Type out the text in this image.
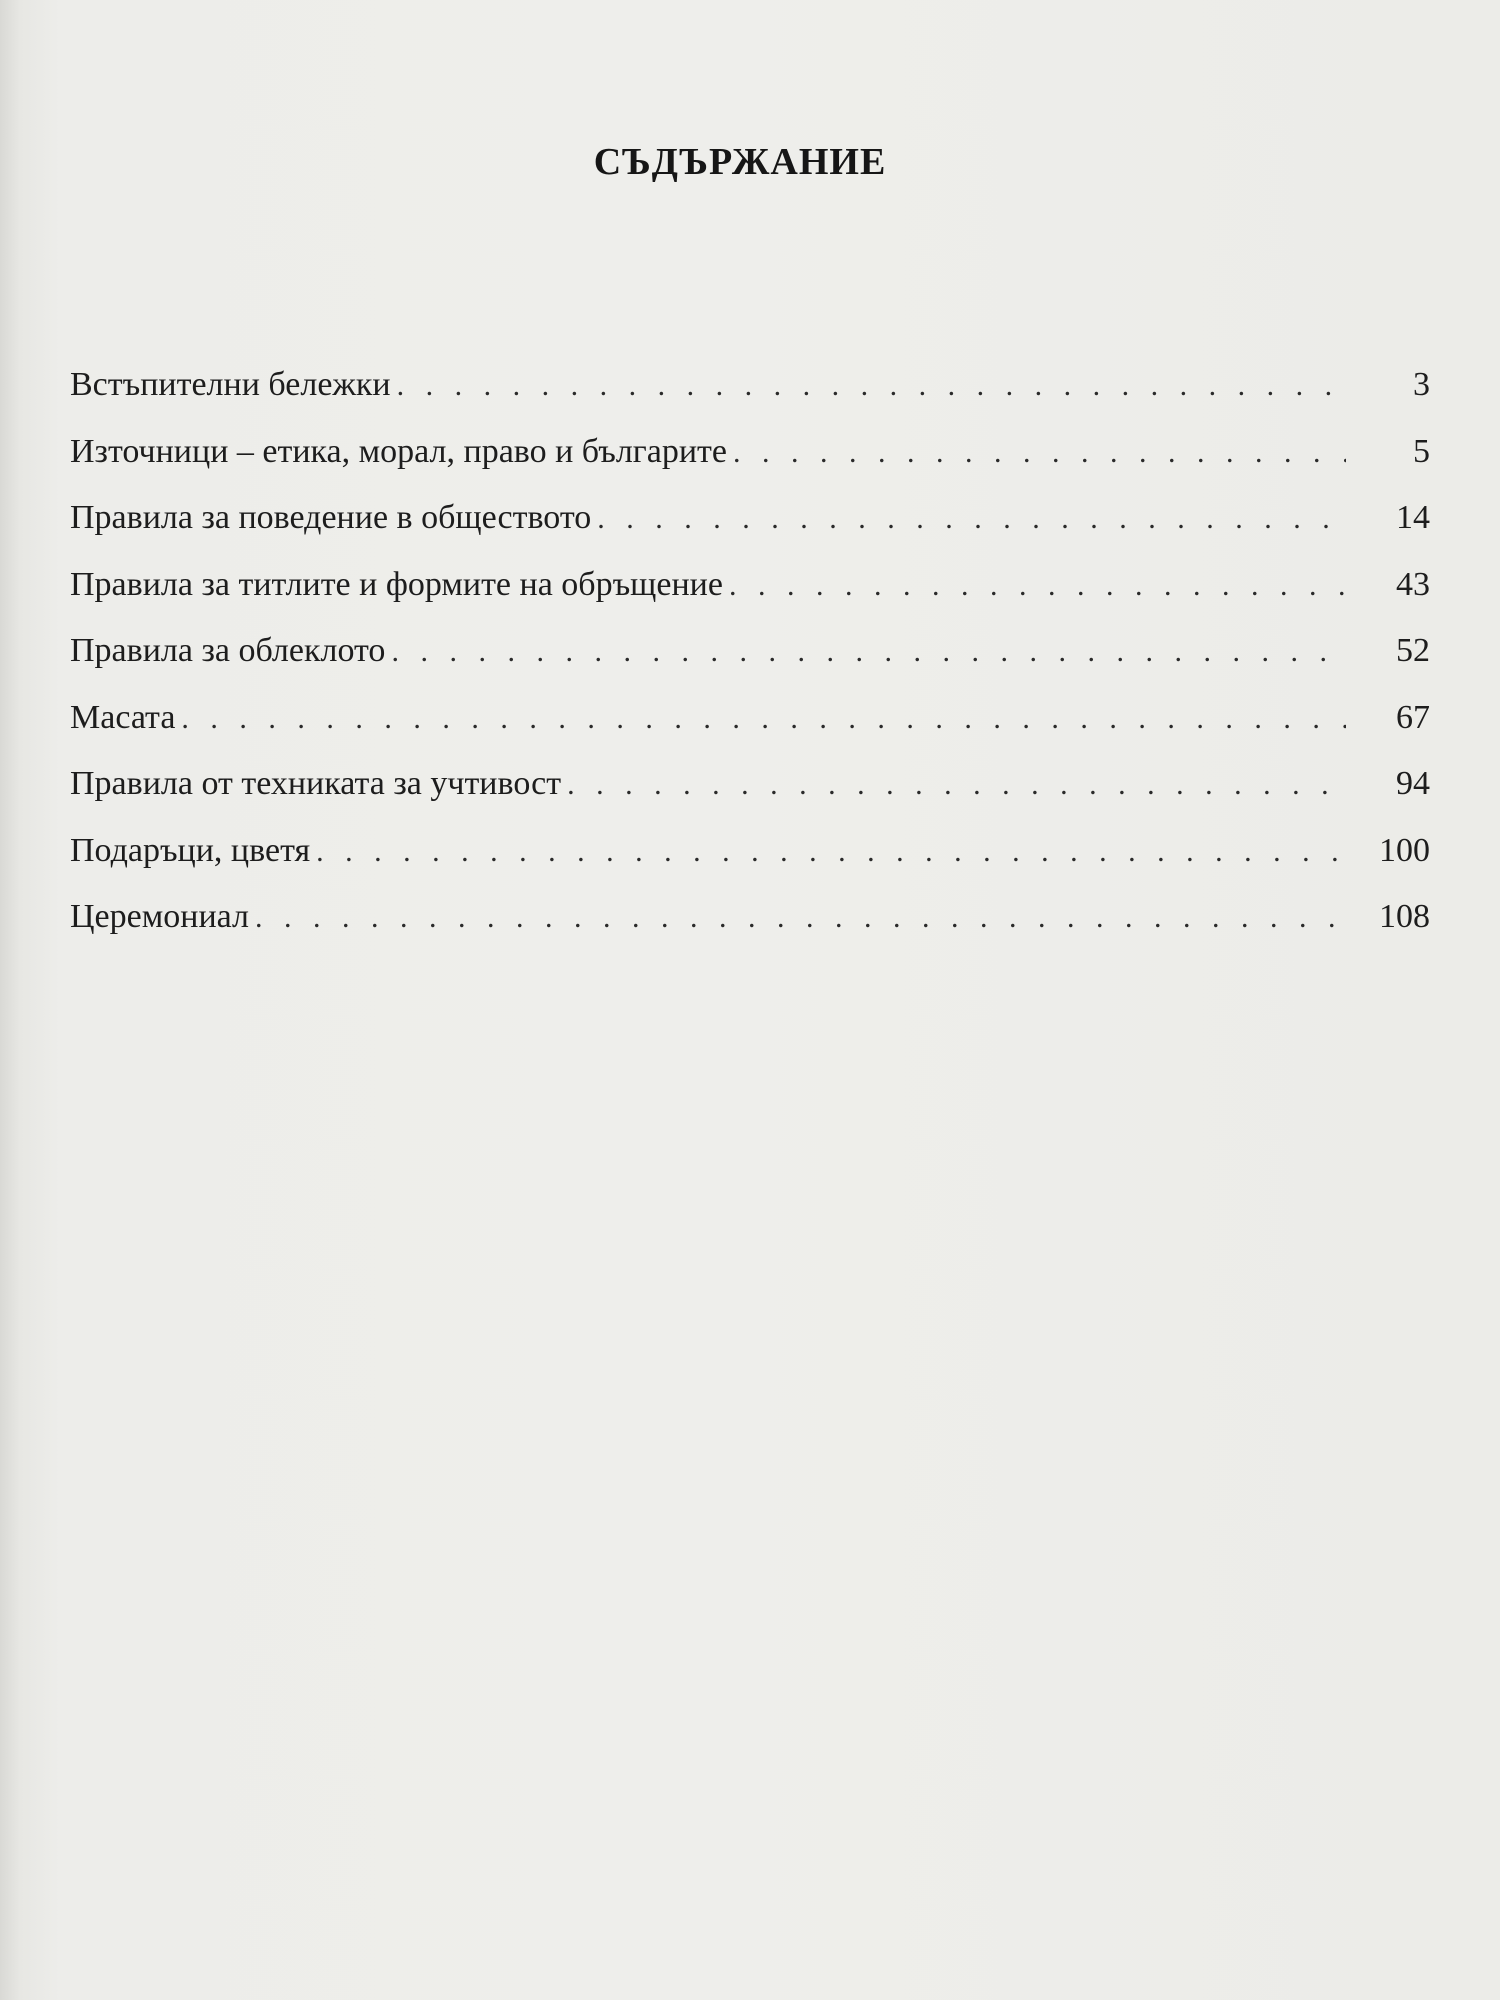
СЪДЪРЖАНИЕ
Встъпителни бележки . . .	3
Източници – етика, морал, право и българите . . .	5
Правила за поведение в обществото . . .	14
Правила за титлите и формите на обръщение . . .	43
Правила за облеклото . . .	52
Масата . . .	67
Правила от техниката за учтивост . . .	94
Подаръци, цветя . . .	100
Церемониал . . .	108
